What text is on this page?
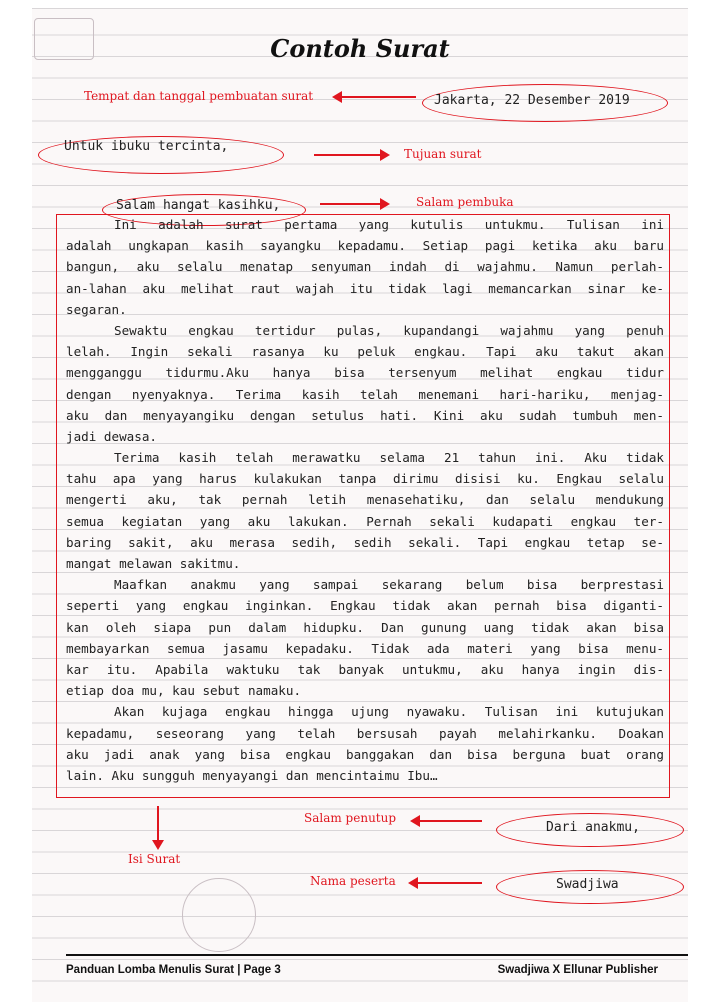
Contoh Surat
Tempat dan tanggal pembuatan surat	Jakarta, 22 Desember 2019
Untuk ibuku tercinta,	Tujuan surat
Salam hangat kasihku,	Salam pembuka
Ini adalah surat pertama yang kutulis untukmu. Tulisan ini
adalah ungkapan kasih sayangku kepadamu. Setiap pagi ketika aku baru
bangun, aku selalu menatap senyuman indah di wajahmu. Namun perlah-
an-lahan aku melihat raut wajah itu tidak lagi memancarkan sinar ke-
segaran.
Sewaktu engkau tertidur pulas, kupandangi wajahmu yang penuh
lelah. Ingin sekali rasanya ku peluk engkau. Tapi aku takut akan
mengganggu tidurmu.Aku hanya bisa tersenyum melihat engkau tidur
dengan nyenyaknya. Terima kasih telah menemani hari-hariku, menjag-
aku dan menyayangiku dengan setulus hati. Kini aku sudah tumbuh men-
jadi dewasa.
Terima kasih telah merawatku selama 21 tahun ini. Aku tidak
tahu apa yang harus kulakukan tanpa dirimu disisi ku. Engkau selalu
mengerti aku, tak pernah letih menasehatiku, dan selalu mendukung
semua kegiatan yang aku lakukan. Pernah sekali kudapati engkau ter-
baring sakit, aku merasa sedih, sedih sekali. Tapi engkau tetap se-
mangat melawan sakitmu.
Maafkan anakmu yang sampai sekarang belum bisa berprestasi
seperti yang engkau inginkan. Engkau tidak akan pernah bisa diganti-
kan oleh siapa pun dalam hidupku. Dan gunung uang tidak akan bisa
membayarkan semua jasamu kepadaku. Tidak ada materi yang bisa menu-
kar itu. Apabila waktuku tak banyak untukmu, aku hanya ingin dis-
etiap doa mu, kau sebut namaku.
Akan kujaga engkau hingga ujung nyawaku. Tulisan ini kutujukan
kepadamu, seseorang yang telah bersusah payah melahirkanku. Doakan
aku jadi anak yang bisa engkau banggakan dan bisa berguna buat orang
lain. Aku sungguh menyayangi dan mencintaimu Ibu…
Isi Surat
Salam penutup
Dari anakmu,
Nama peserta	Swadjiwa
Panduan Lomba Menulis Surat | Page 3	Swadjiwa X Ellunar Publisher
